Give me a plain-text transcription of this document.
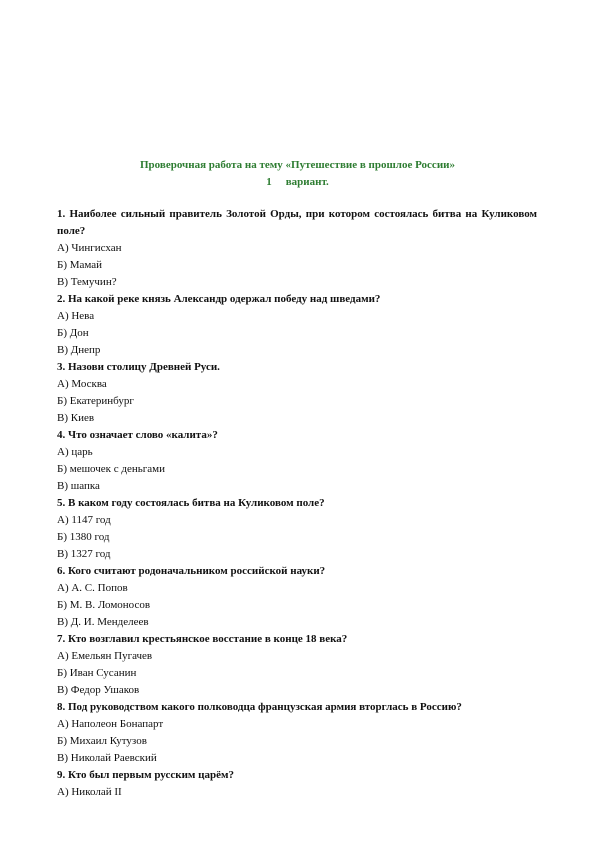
Проверочная работа на тему «Путешествие в прошлое России»
1 вариант.
1. Наиболее сильный правитель Золотой Орды, при котором состоялась битва на Куликовом поле?
А) Чингисхан
Б) Мамай
В) Темучин?
2. На какой реке князь Александр одержал победу над шведами?
А) Нева
Б) Дон
В) Днепр
3. Назови столицу Древней Руси.
А) Москва
Б) Екатеринбург
В) Киев
4. Что означает слово «калита»?
А) царь
Б) мешочек с деньгами
В) шапка
5. В каком году состоялась битва на Куликовом поле?
А) 1147 год
Б) 1380 год
В) 1327 год
6. Кого считают родоначальником российской науки?
А) А. С. Попов
Б) М. В. Ломоносов
В) Д. И. Менделеев
7. Кто возглавил крестьянское восстание в конце 18 века?
А) Емельян Пугачев
Б) Иван Сусанин
В) Федор Ушаков
8. Под руководством какого полководца французская армия вторглась в Россию?
А) Наполеон Бонапарт
Б) Михаил Кутузов
В) Николай Раевский
9. Кто был первым русским царём?
А) Николай II
